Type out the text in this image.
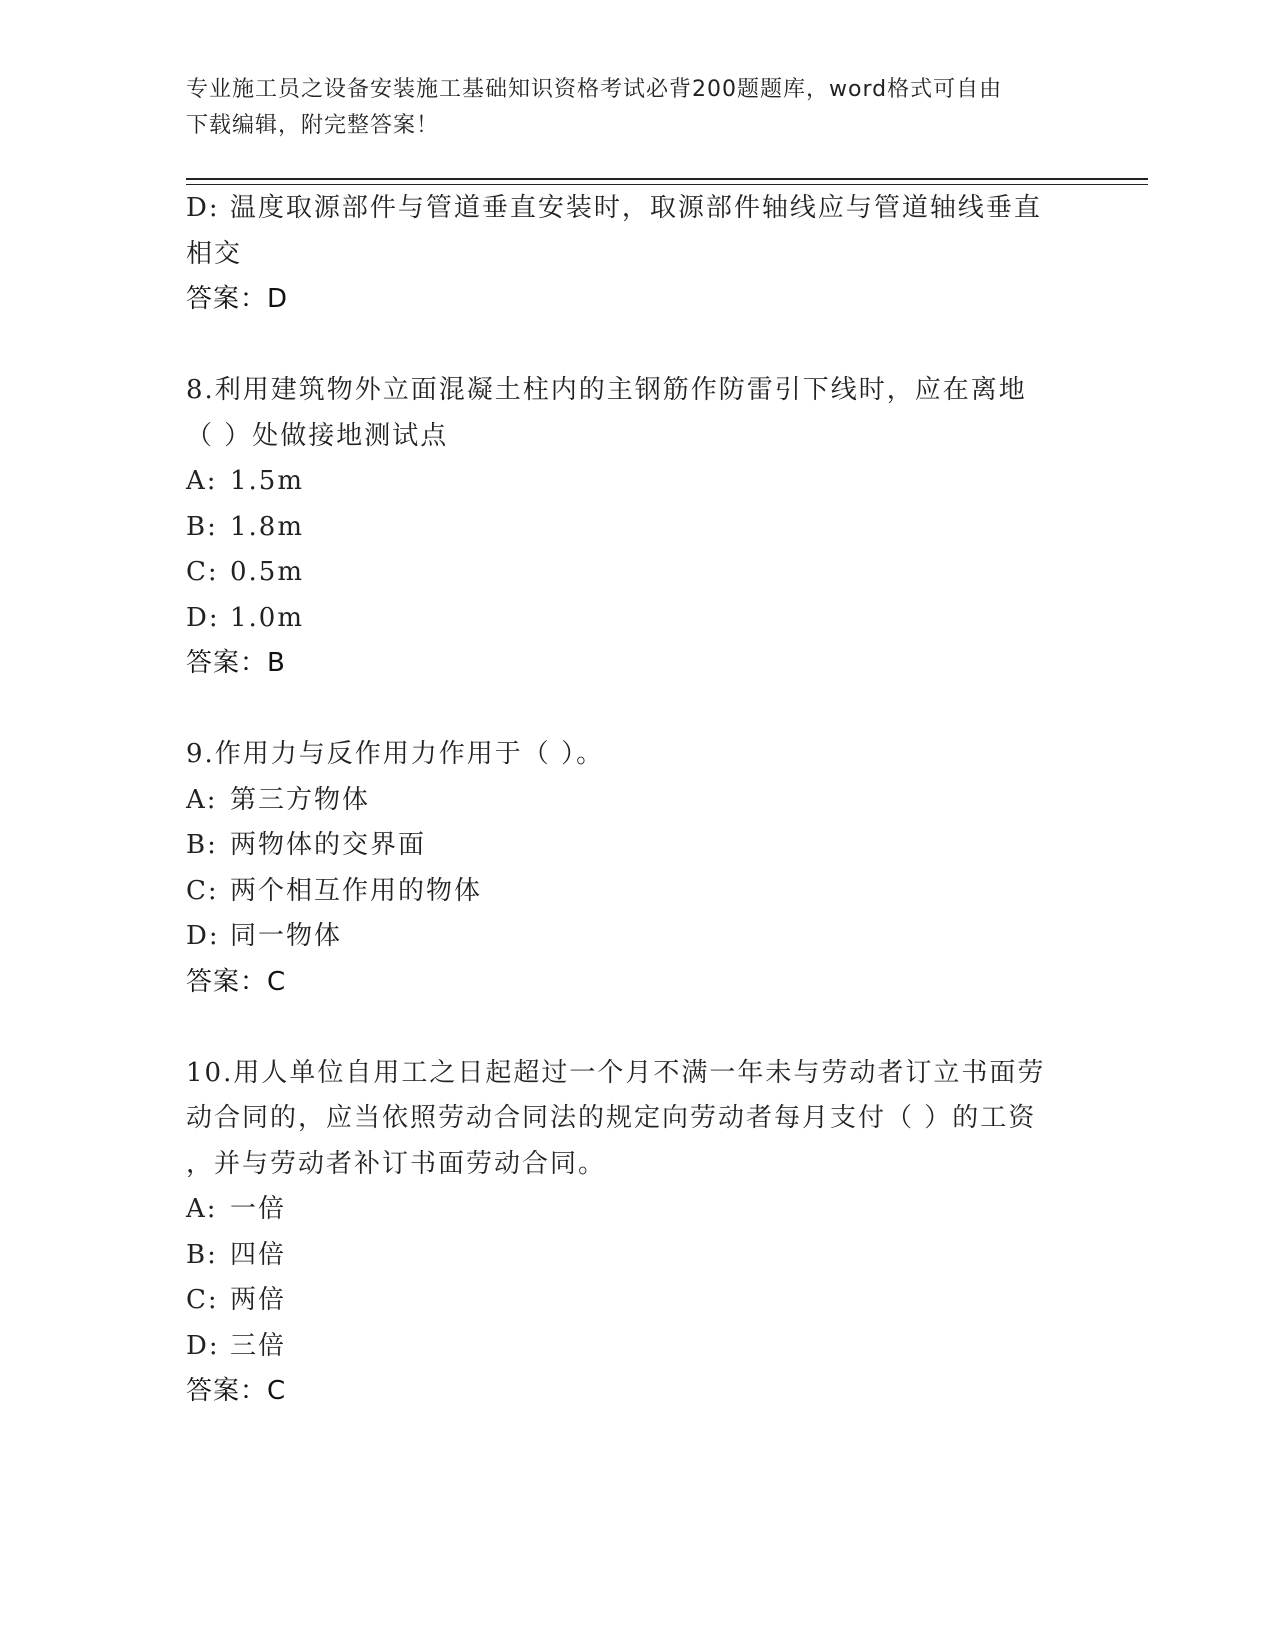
专业施工员之设备安装施工基础知识资格考试必背200题题库，word格式可自由
下载编辑，附完整答案！
D: 温度取源部件与管道垂直安装时，取源部件轴线应与管道轴线垂直
相交
答案：D
8.利用建筑物外立面混凝土柱内的主钢筋作防雷引下线时，应在离地
（ ）处做接地测试点
A: 1.5m
B: 1.8m
C: 0.5m
D: 1.0m
答案：B
9.作用力与反作用力作用于（ ）。
A: 第三方物体
B: 两物体的交界面
C: 两个相互作用的物体
D: 同一物体
答案：C
10.用人单位自用工之日起超过一个月不满一年未与劳动者订立书面劳
动合同的，应当依照劳动合同法的规定向劳动者每月支付（ ）的工资
，并与劳动者补订书面劳动合同。
A: 一倍
B: 四倍
C: 两倍
D: 三倍
答案：C
